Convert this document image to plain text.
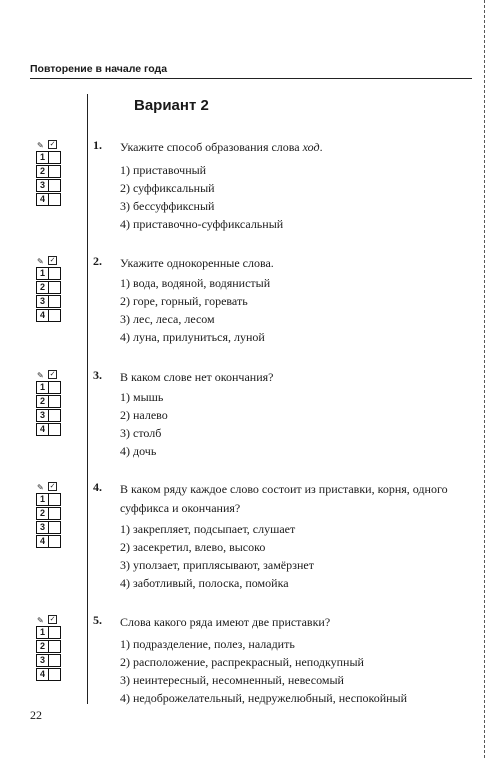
Повторение в начале года
Вариант 2
✎ ✓
1
2
3
4
1. Укажите способ образования слова ход.
1) приставочный
2) суффиксальный
3) бессуффиксный
4) приставочно-суффиксальный
✎ ✓
1
2
3
4
2. Укажите однокоренные слова.
1) вода, водяной, водянистый
2) горе, горный, горевать
3) лес, леса, лесом
4) луна, прилуниться, луной
✎ ✓
1
2
3
4
3. В каком слове нет окончания?
1) мышь
2) налево
3) столб
4) дочь
✎ ✓
1
2
3
4
4. В каком ряду каждое слово состоит из приставки, корня, одного суффикса и окончания?
1) закрепляет, подсыпает, слушает
2) засекретил, влево, высоко
3) уползает, приплясывают, замёрзнет
4) заботливый, полоска, помойка
✎ ✓
1
2
3
4
5. Слова какого ряда имеют две приставки?
1) подразделение, полез, наладить
2) расположение, распрекрасный, неподкупный
3) неинтересный, несомненный, невесомый
4) недоброжелательный, недружелюбный, неспокойный
22
